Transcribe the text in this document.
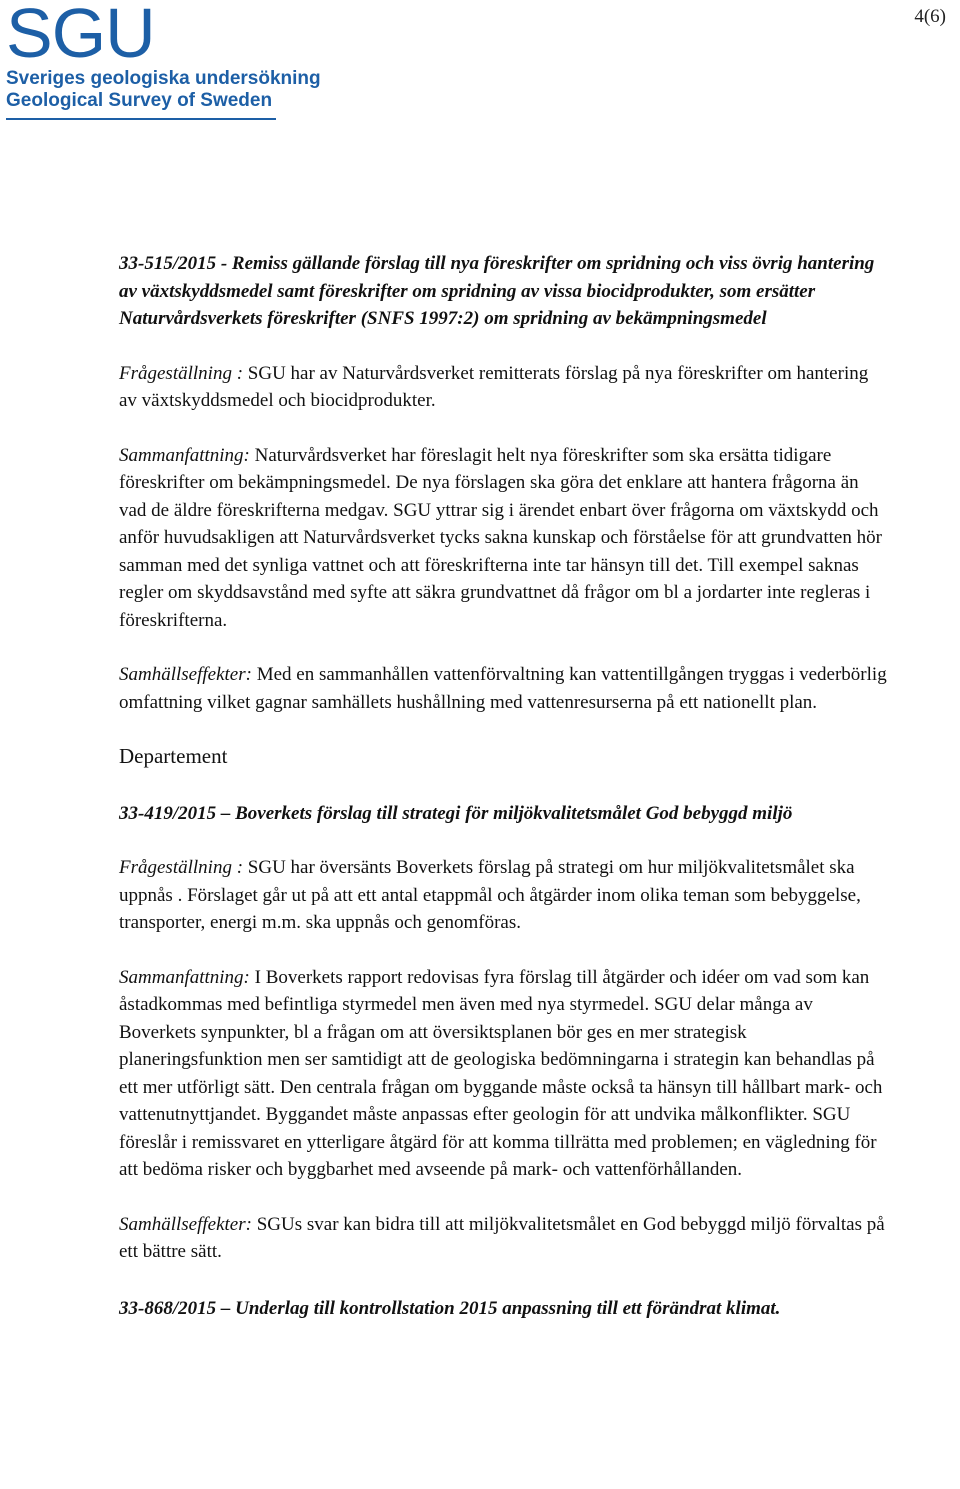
SGU
Sveriges geologiska undersökning
Geological Survey of Sweden
4(6)

33-515/2015 - Remiss gällande förslag till nya föreskrifter om spridning och viss övrig hantering av växtskyddsmedel samt föreskrifter om spridning av vissa biocidprodukter, som ersätter Naturvårdsverkets föreskrifter (SNFS 1997:2) om spridning av bekämpningsmedel

Frågeställning : SGU har av Naturvårdsverket remitterats förslag på nya föreskrifter om hantering av växtskyddsmedel och biocidprodukter.

Sammanfattning: Naturvårdsverket har föreslagit helt nya föreskrifter som ska ersätta tidigare föreskrifter om bekämpningsmedel. De nya förslagen ska göra det enklare att hantera frågorna än vad de äldre föreskrifterna medgav. SGU yttrar sig i ärendet enbart över frågorna om växtskydd och anför huvudsakligen att Naturvårdsverket tycks sakna kunskap och förståelse för att grundvatten hör samman med det synliga vattnet och att föreskrifterna inte tar hänsyn till det. Till exempel saknas regler om skyddsavstånd med syfte att säkra grundvattnet då frågor om bl a jordarter inte regleras i föreskrifterna.

Samhällseffekter: Med en sammanhållen vattenförvaltning kan vattentillgången tryggas i vederbörlig omfattning vilket gagnar samhällets hushållning med vattenresurserna på ett nationellt plan.

Departement

33-419/2015 – Boverkets förslag till strategi för miljökvalitetsmålet God bebyggd miljö

Frågeställning : SGU har översänts Boverkets förslag på strategi om hur miljökvalitetsmålet ska uppnås . Förslaget går ut på att ett antal etappmål och åtgärder inom olika teman som bebyggelse, transporter, energi m.m. ska uppnås och genomföras.

Sammanfattning: I Boverkets rapport redovisas fyra förslag till åtgärder och idéer om vad som kan åstadkommas med befintliga styrmedel men även med nya styrmedel. SGU delar många av Boverkets synpunkter, bl a frågan om att översiktsplanen bör ges en mer strategisk planeringsfunktion men ser samtidigt att de geologiska bedömningarna i strategin kan behandlas på ett mer utförligt sätt. Den centrala frågan om byggande måste också ta hänsyn till hållbart mark- och vattenutnyttjandet. Byggandet måste anpassas efter geologin för att undvika målkonflikter. SGU föreslår i remissvaret en ytterligare åtgärd för att komma tillrätta med problemen; en vägledning för att bedöma risker och byggbarhet med avseende på mark- och vattenförhållanden.

Samhällseffekter: SGUs svar kan bidra till att miljökvalitetsmålet en God bebyggd miljö förvaltas på ett bättre sätt.

33-868/2015 – Underlag till kontrollstation 2015 anpassning till ett förändrat klimat.
